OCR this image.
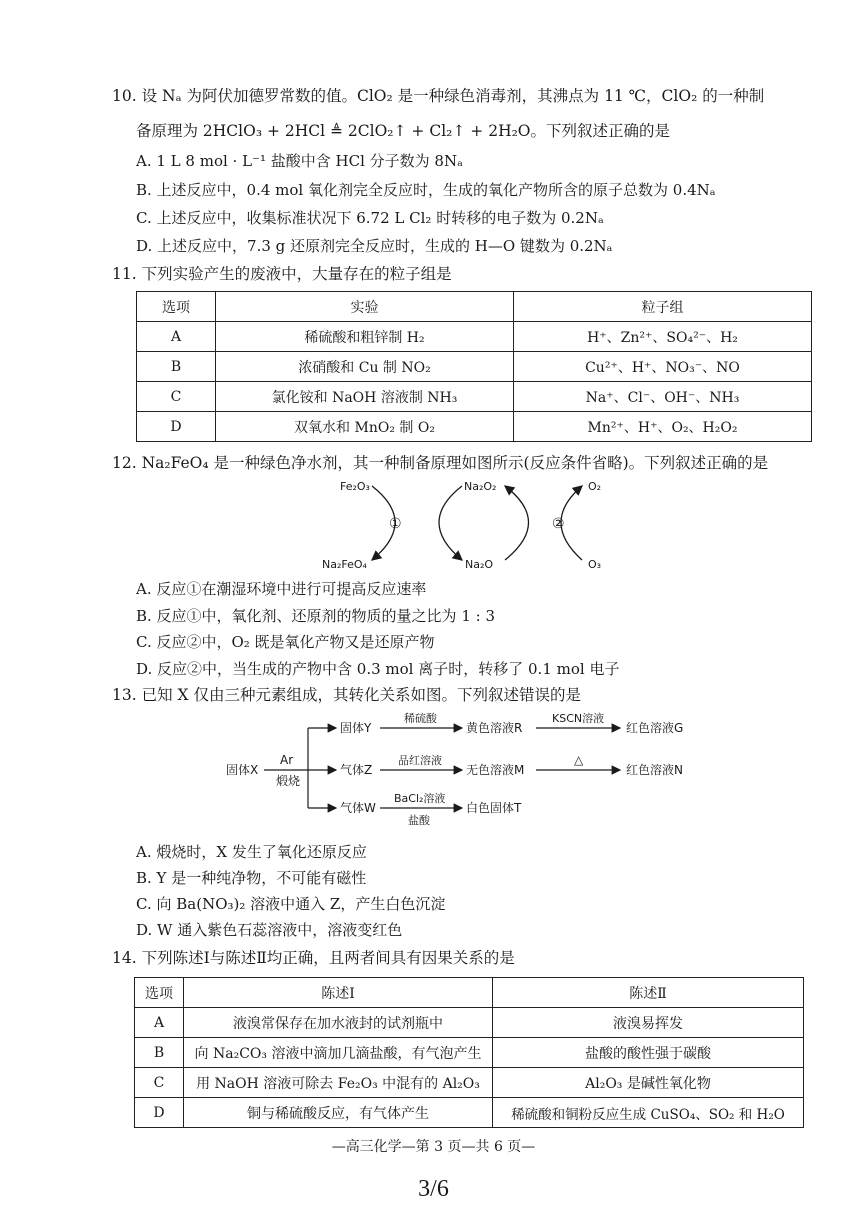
10. 设 Nₐ 为阿伏加德罗常数的值。ClO₂ 是一种绿色消毒剂，其沸点为 11 ℃，ClO₂ 的一种制
备原理为 2HClO₃ + 2HCl ≜ 2ClO₂↑ + Cl₂↑ + 2H₂O。下列叙述正确的是
A. 1 L 8 mol · L⁻¹ 盐酸中含 HCl 分子数为 8Nₐ
B. 上述反应中，0.4 mol 氧化剂完全反应时，生成的氧化产物所含的原子总数为 0.4Nₐ
C. 上述反应中，收集标准状况下 6.72 L Cl₂ 时转移的电子数为 0.2Nₐ
D. 上述反应中，7.3 g 还原剂完全反应时，生成的 H—O 键数为 0.2Nₐ
11. 下列实验产生的废液中，大量存在的粒子组是
选项	实验	粒子组
A	稀硫酸和粗锌制 H₂	H⁺、Zn²⁺、SO₄²⁻、H₂
B	浓硝酸和 Cu 制 NO₂	Cu²⁺、H⁺、NO₃⁻、NO
C	氯化铵和 NaOH 溶液制 NH₃	Na⁺、Cl⁻、OH⁻、NH₃
D	双氧水和 MnO₂ 制 O₂	Mn²⁺、H⁺、O₂、H₂O₂
12. Na₂FeO₄ 是一种绿色净水剂，其一种制备原理如图所示(反应条件省略)。下列叙述正确的是
Fe₂O₃	Na₂O₂	O₂
Na₂FeO₄	Na₂O	O₃
①	②
A. 反应①在潮湿环境中进行可提高反应速率
B. 反应①中，氧化剂、还原剂的物质的量之比为 1 : 3
C. 反应②中，O₂ 既是氧化产物又是还原产物
D. 反应②中，当生成的产物中含 0.3 mol 离子时，转移了 0.1 mol 电子
13. 已知 X 仅由三种元素组成，其转化关系如图。下列叙述错误的是
固体X
Ar
煅烧
固体Y
稀硫酸
黄色溶液R
KSCN溶液
红色溶液G
气体Z
品红溶液
无色溶液M
△
红色溶液N
气体W
BaCl₂溶液
盐酸
白色固体T
A. 煅烧时，X 发生了氧化还原反应
B. Y 是一种纯净物，不可能有磁性
C. 向 Ba(NO₃)₂ 溶液中通入 Z，产生白色沉淀
D. W 通入紫色石蕊溶液中，溶液变红色
14. 下列陈述Ⅰ与陈述Ⅱ均正确，且两者间具有因果关系的是
选项	陈述Ⅰ	陈述Ⅱ
A	液溴常保存在加水液封的试剂瓶中	液溴易挥发
B	向 Na₂CO₃ 溶液中滴加几滴盐酸，有气泡产生	盐酸的酸性强于碳酸
C	用 NaOH 溶液可除去 Fe₂O₃ 中混有的 Al₂O₃	Al₂O₃ 是碱性氧化物
D	铜与稀硫酸反应，有气体产生	稀硫酸和铜粉反应生成 CuSO₄、SO₂ 和 H₂O
—高三化学—第 3 页—共 6 页—
3/6
